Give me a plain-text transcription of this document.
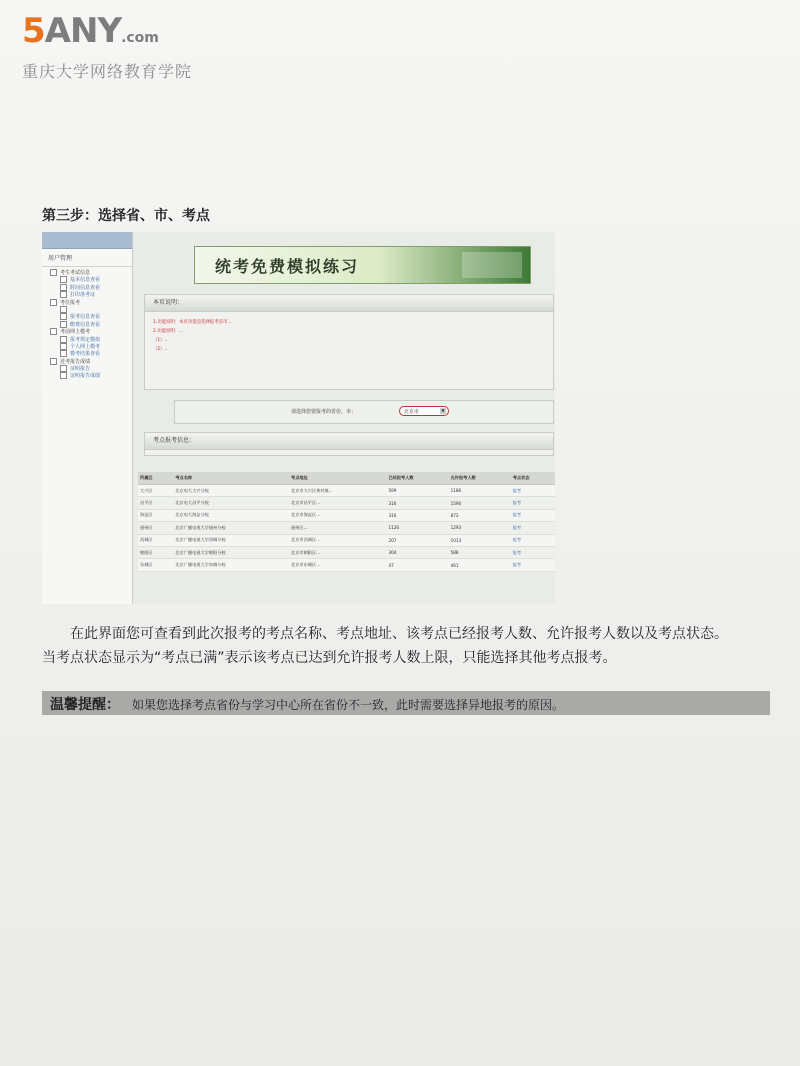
5ANY.com
重庆大学网络教育学院
第三步：选择省、市、考点
用户管理
考生考试信息
基本信息查看
时间信息查看
打印准考证
考位报考
报考信息查看
缴费信息查看
考前网上模考
报考规定模拟
个人网上模考
模考结果查看
近考报告成绩
证明报告
证明报告成绩
统考免费模拟练习
本页说明：
1.功能说明：本页功能是选择报考省市...
2.功能说明：...
（1）...
（2）...
请选择您要报考的省份、市：	北京市	▼
考点报考信息：
所属区	考点名称	考点地址	已经报考人数	允许报考人数	考点状态
大兴区	北京电大大兴分校	北京市大兴区黄村镇...	599	1186	报考
昌平区	北京电大昌平分校	北京市昌平区...	316	1590	报考
海淀区	北京电大海淀分校	北京市海淀区...	316	872	报考
通州区	北京广播电视大学通州分校	通州区...	1126	1293	报考
西城区	北京广播电视大学西城分校	北京市西城区...	207	1013	报考
朝阳区	北京广播电视大学朝阳分校	北京市朝阳区...	304	588	报考
东城区	北京广播电视大学东城分校	北京市东城区...	47	461	报考
在此界面您可查看到此次报考的考点名称、考点地址、该考点已经报考人数、允许报考人数以及考点状态。
当考点状态显示为“考点已满”表示该考点已达到允许报考人数上限，只能选择其他考点报考。
温馨提醒： 如果您选择考点省份与学习中心所在省份不一致，此时需要选择异地报考的原因。
